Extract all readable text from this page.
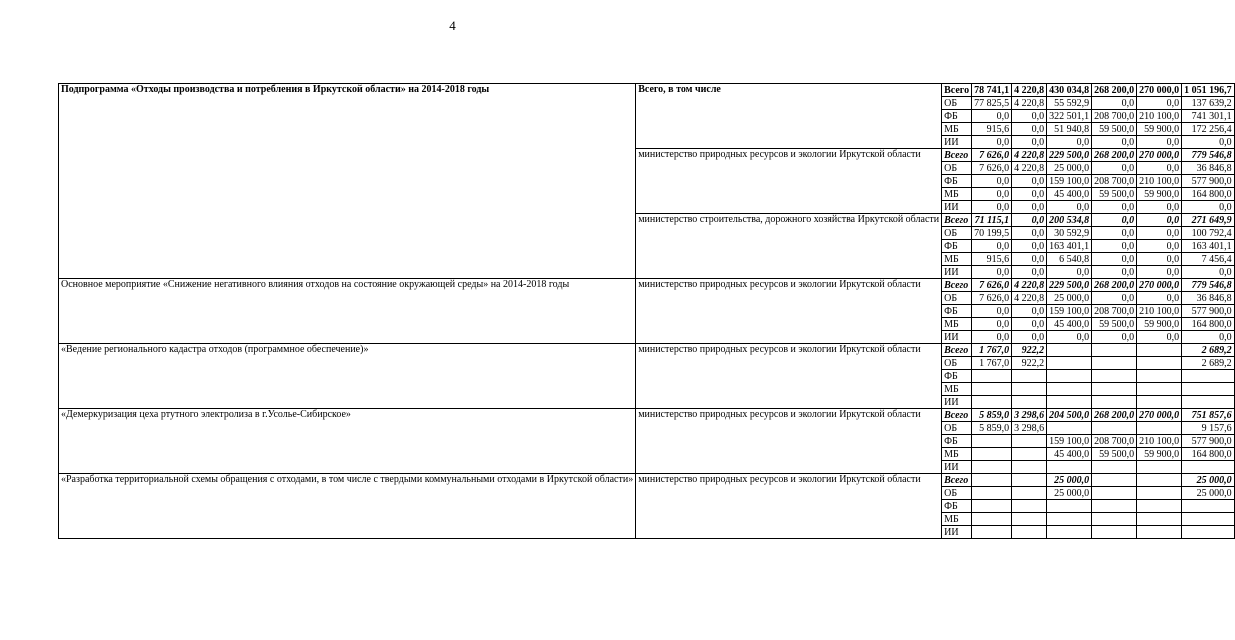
4
Подпрограмма «Отходы производства и потребления в Иркутской области» на 2014-2018 годы	Всего, в том числе	Всего	78 741,1	4 220,8	430 034,8	268 200,0	270 000,0	1 051 196,7
		ОБ	77 825,5	4 220,8	55 592,9	0,0	0,0	137 639,2
		ФБ	0,0	0,0	322 501,1	208 700,0	210 100,0	741 301,1
		МБ	915,6	0,0	51 940,8	59 500,0	59 900,0	172 256,4
		ИИ	0,0	0,0	0,0	0,0	0,0	0,0
	министерство природных ресурсов и экологии Иркутской области	Всего	7 626,0	4 220,8	229 500,0	268 200,0	270 000,0	779 546,8
		ОБ	7 626,0	4 220,8	25 000,0	0,0	0,0	36 846,8
		ФБ	0,0	0,0	159 100,0	208 700,0	210 100,0	577 900,0
		МБ	0,0	0,0	45 400,0	59 500,0	59 900,0	164 800,0
		ИИ	0,0	0,0	0,0	0,0	0,0	0,0
	министерство строительства, дорожного хозяйства Иркутской области	Всего	71 115,1	0,0	200 534,8	0,0	0,0	271 649,9
		ОБ	70 199,5	0,0	30 592,9	0,0	0,0	100 792,4
		ФБ	0,0	0,0	163 401,1	0,0	0,0	163 401,1
		МБ	915,6	0,0	6 540,8	0,0	0,0	7 456,4
		ИИ	0,0	0,0	0,0	0,0	0,0	0,0
Основное мероприятие «Снижение негативного влияния отходов на состояние окружающей среды» на 2014-2018 годы	министерство природных ресурсов и экологии Иркутской области	Всего	7 626,0	4 220,8	229 500,0	268 200,0	270 000,0	779 546,8
		ОБ	7 626,0	4 220,8	25 000,0	0,0	0,0	36 846,8
		ФБ	0,0	0,0	159 100,0	208 700,0	210 100,0	577 900,0
		МБ	0,0	0,0	45 400,0	59 500,0	59 900,0	164 800,0
		ИИ	0,0	0,0	0,0	0,0	0,0	0,0
«Ведение регионального кадастра отходов (программное обеспечение)»	министерство природных ресурсов и экологии Иркутской области	Всего	1 767,0	922,2				2 689,2
		ОБ	1 767,0	922,2				2 689,2
		ФБ						
		МБ						
		ИИ						
«Демеркуризация цеха ртутного электролиза в г.Усолье-Сибирское»	министерство природных ресурсов и экологии Иркутской области	Всего	5 859,0	3 298,6	204 500,0	268 200,0	270 000,0	751 857,6
		ОБ	5 859,0	3 298,6				9 157,6
		ФБ			159 100,0	208 700,0	210 100,0	577 900,0
		МБ			45 400,0	59 500,0	59 900,0	164 800,0
		ИИ						
«Разработка территориальной схемы обращения с отходами, в том числе с твердыми коммунальными отходами в Иркутской области»	министерство природных ресурсов и экологии Иркутской области	Всего			25 000,0			25 000,0
		ОБ			25 000,0			25 000,0
		ФБ						
		МБ						
		ИИ						
